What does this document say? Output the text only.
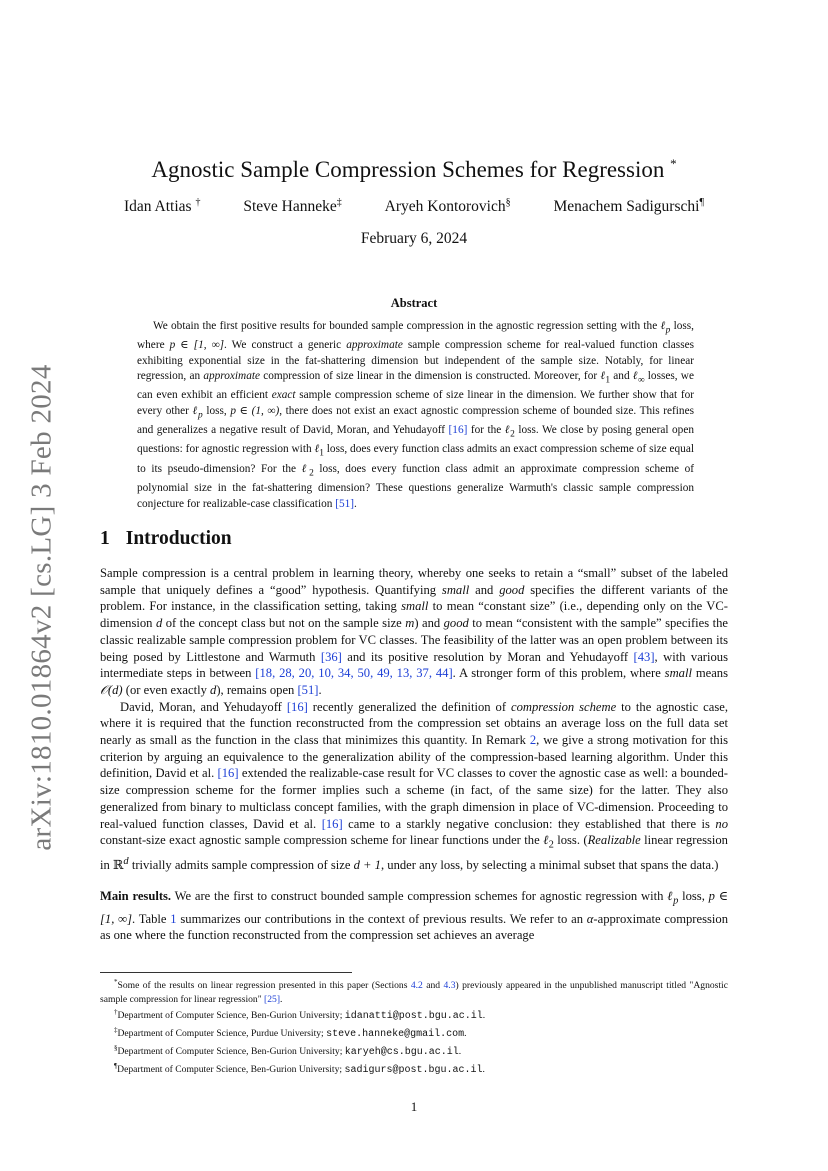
arXiv:1810.01864v2 [cs.LG] 3 Feb 2024
Agnostic Sample Compression Schemes for Regression *
Idan Attias †	Steve Hanneke‡	Aryeh Kontorovich§	Menachem Sadigurschi¶
February 6, 2024
Abstract

We obtain the first positive results for bounded sample compression in the agnostic regression setting with the ℓ$_p$ loss, where p ∈ [1, ∞]. We construct a generic approximate sample compression scheme for real-valued function classes exhibiting exponential size in the fat-shattering dimension but independent of the sample size. Notably, for linear regression, an approximate compression of size linear in the dimension is constructed. Moreover, for ℓ$_1$ and ℓ$_\infty$ losses, we can even exhibit an efficient exact sample compression scheme of size linear in the dimension. We further show that for every other ℓ$_p$ loss, p ∈ (1, ∞), there does not exist an exact agnostic compression scheme of bounded size. This refines and generalizes a negative result of David, Moran, and Yehudayoff [16] for the ℓ$_2$ loss. We close by posing general open questions: for agnostic regression with ℓ$_1$ loss, does every function class admits an exact compression scheme of size equal to its pseudo-dimension? For the ℓ$_2$ loss, does every function class admit an approximate compression scheme of polynomial size in the fat-shattering dimension? These questions generalize Warmuth's classic sample compression conjecture for realizable-case classification [51].

1 Introduction

Sample compression is a central problem in learning theory, whereby one seeks to retain a “small” subset of the labeled sample that uniquely defines a “good” hypothesis. Quantifying small and good specifies the different variants of the problem. For instance, in the classification setting, taking small to mean “constant size” (i.e., depending only on the VC-dimension d of the concept class but not on the sample size m) and good to mean “consistent with the sample” specifies the classic realizable sample compression problem for VC classes. The feasibility of the latter was an open problem between its being posed by Littlestone and Warmuth [36] and its positive resolution by Moran and Yehudayoff [43], with various intermediate steps in between [18, 28, 20, 10, 34, 50, 49, 13, 37, 44]. A stronger form of this problem, where small means 𝒪(d) (or even exactly d), remains open [51].

David, Moran, and Yehudayoff [16] recently generalized the definition of compression scheme to the agnostic case, where it is required that the function reconstructed from the compression set obtains an average loss on the full data set nearly as small as the function in the class that minimizes this quantity. In Remark 2, we give a strong motivation for this criterion by arguing an equivalence to the generalization ability of the compression-based learning algorithm. Under this definition, David et al. [16] extended the realizable-case result for VC classes to cover the agnostic case as well: a bounded-size compression scheme for the former implies such a scheme (in fact, of the same size) for the latter. They also generalized from binary to multiclass concept families, with the graph dimension in place of VC-dimension. Proceeding to real-valued function classes, David et al. [16] came to a starkly negative conclusion: they established that there is no constant-size exact agnostic sample compression scheme for linear functions under the ℓ$_2$ loss. (Realizable linear regression in ℝ$^d$ trivially admits sample compression of size d + 1, under any loss, by selecting a minimal subset that spans the data.)

Main results. We are the first to construct bounded sample compression schemes for agnostic regression with ℓ$_p$ loss, p ∈ [1, ∞]. Table 1 summarizes our contributions in the context of previous results. We refer to an α-approximate compression as one where the function reconstructed from the compression set achieves an average

*Some of the results on linear regression presented in this paper (Sections 4.2 and 4.3) previously appeared in the unpublished manuscript titled "Agnostic sample compression for linear regression" [25].

†Department of Computer Science, Ben-Gurion University; idanatti@post.bgu.ac.il.

‡Department of Computer Science, Purdue University; steve.hanneke@gmail.com.

§Department of Computer Science, Ben-Gurion University; karyeh@cs.bgu.ac.il.

¶Department of Computer Science, Ben-Gurion University; sadigurs@post.bgu.ac.il.

1
